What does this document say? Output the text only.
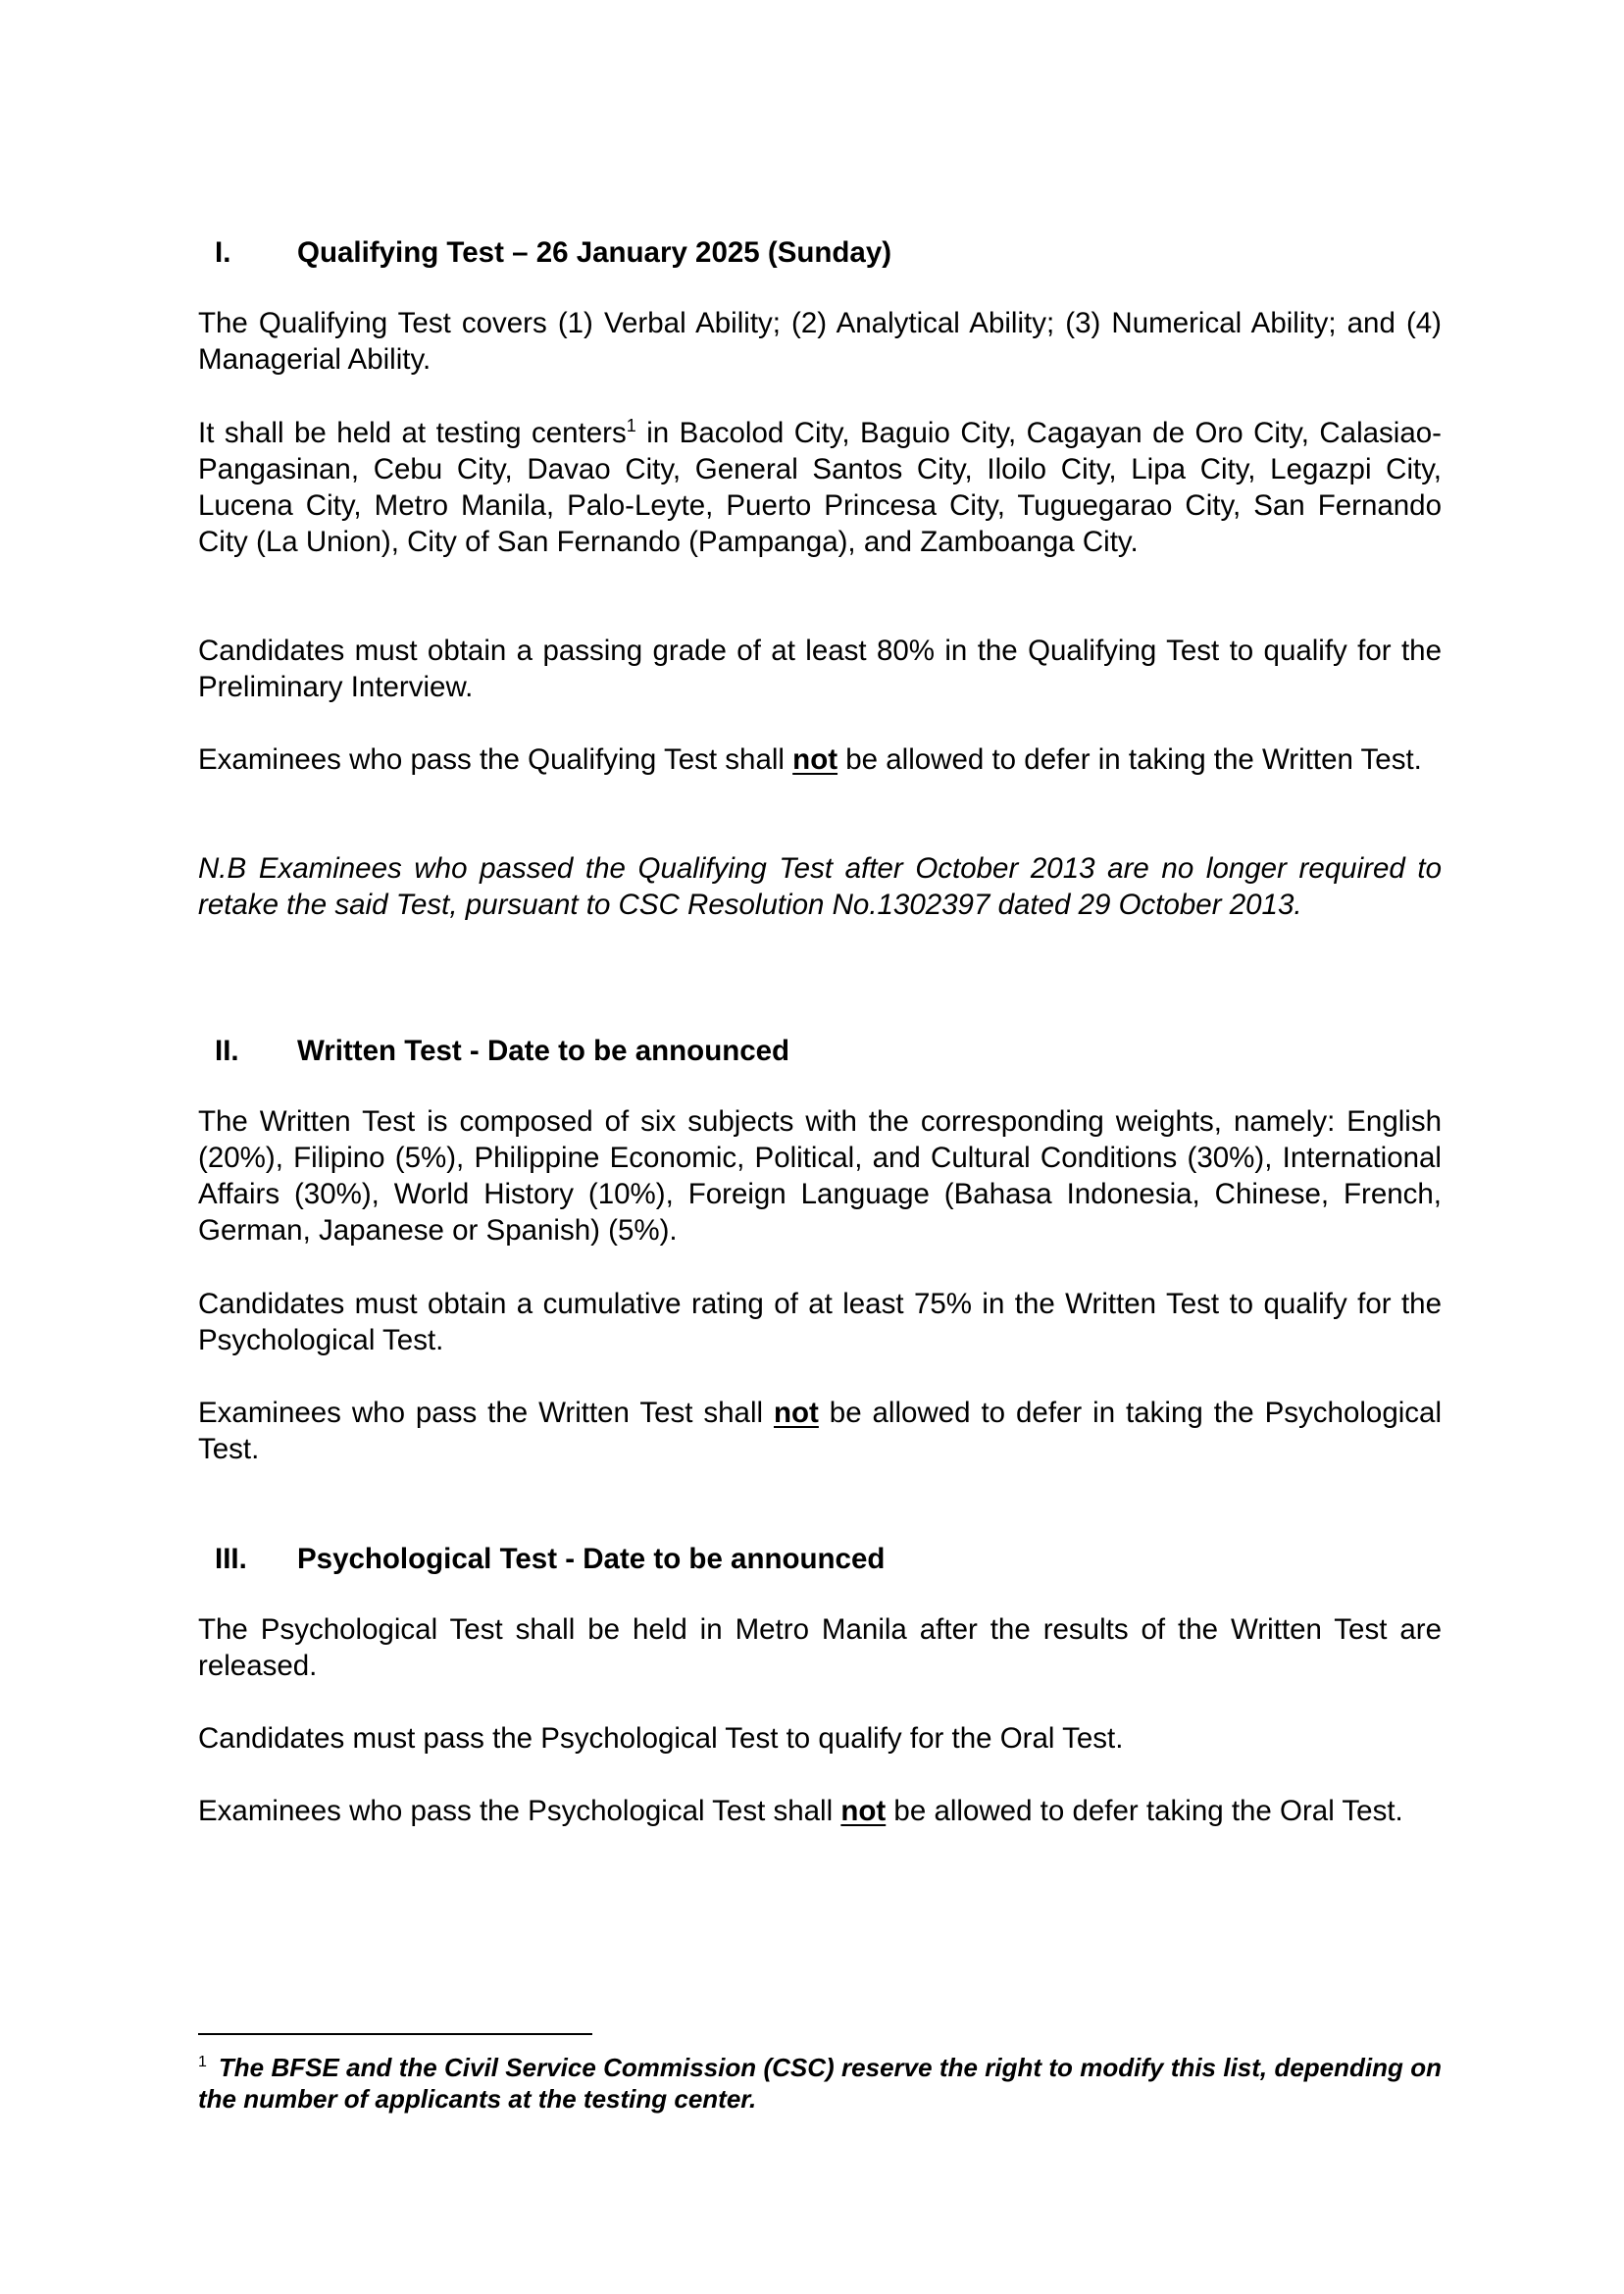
I. Qualifying Test – 26 January 2025 (Sunday)

The Qualifying Test covers (1) Verbal Ability; (2) Analytical Ability; (3) Numerical Ability; and (4) Managerial Ability.

It shall be held at testing centers$^1$ in Bacolod City, Baguio City, Cagayan de Oro City, Calasiao-Pangasinan, Cebu City, Davao City, General Santos City, Iloilo City, Lipa City, Legazpi City, Lucena City, Metro Manila, Palo-Leyte, Puerto Princesa City, Tuguegarao City, San Fernando City (La Union), City of San Fernando (Pampanga), and Zamboanga City.

Candidates must obtain a passing grade of at least 80% in the Qualifying Test to qualify for the Preliminary Interview.

Examinees who pass the Qualifying Test shall not be allowed to defer in taking the Written Test.

N.B Examinees who passed the Qualifying Test after October 2013 are no longer required to retake the said Test, pursuant to CSC Resolution No.1302397 dated 29 October 2013.

II. Written Test - Date to be announced

The Written Test is composed of six subjects with the corresponding weights, namely: English (20%), Filipino (5%), Philippine Economic, Political, and Cultural Conditions (30%), International Affairs (30%), World History (10%), Foreign Language (Bahasa Indonesia, Chinese, French, German, Japanese or Spanish) (5%).

Candidates must obtain a cumulative rating of at least 75% in the Written Test to qualify for the Psychological Test.

Examinees who pass the Written Test shall not be allowed to defer in taking the Psychological Test.

III. Psychological Test - Date to be announced

The Psychological Test shall be held in Metro Manila after the results of the Written Test are released.

Candidates must pass the Psychological Test to qualify for the Oral Test.

Examinees who pass the Psychological Test shall not be allowed to defer taking the Oral Test.

$^1$ The BFSE and the Civil Service Commission (CSC) reserve the right to modify this list, depending on the number of applicants at the testing center.
